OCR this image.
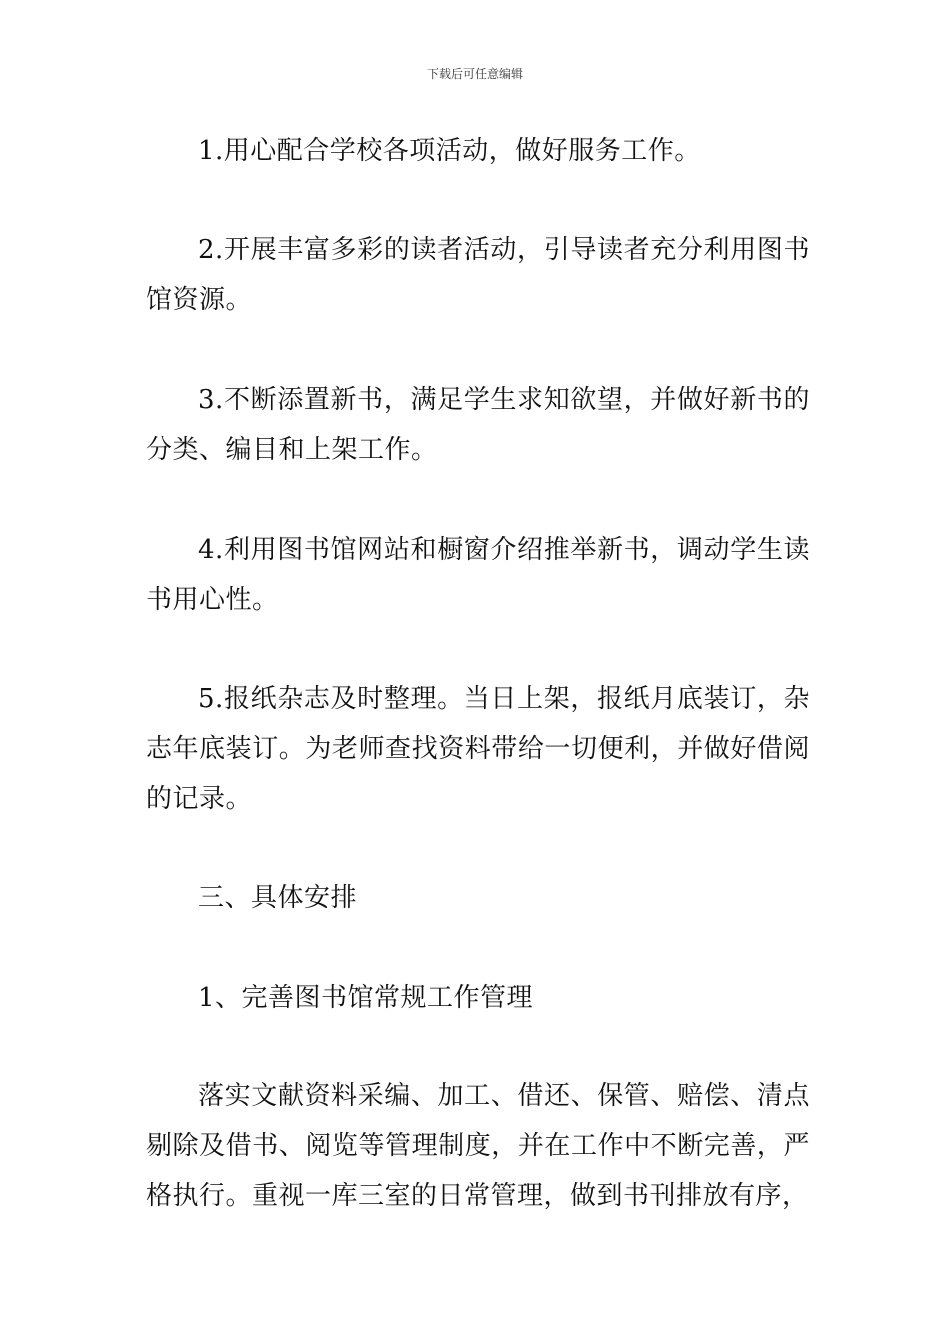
下载后可任意编辑

1.用心配合学校各项活动，做好服务工作。

2.开展丰富多彩的读者活动，引导读者充分利用图书馆资源。

3.不断添置新书，满足学生求知欲望，并做好新书的分类、编目和上架工作。

4.利用图书馆网站和橱窗介绍推举新书，调动学生读书用心性。

5.报纸杂志及时整理。当日上架，报纸月底装订，杂志年底装订。为老师查找资料带给一切便利，并做好借阅的记录。

三、具体安排

1、完善图书馆常规工作管理

落实文献资料采编、加工、借还、保管、赔偿、清点剔除及借书、阅览等管理制度，并在工作中不断完善，严格执行。重视一库三室的日常管理，做到书刊排放有序，
